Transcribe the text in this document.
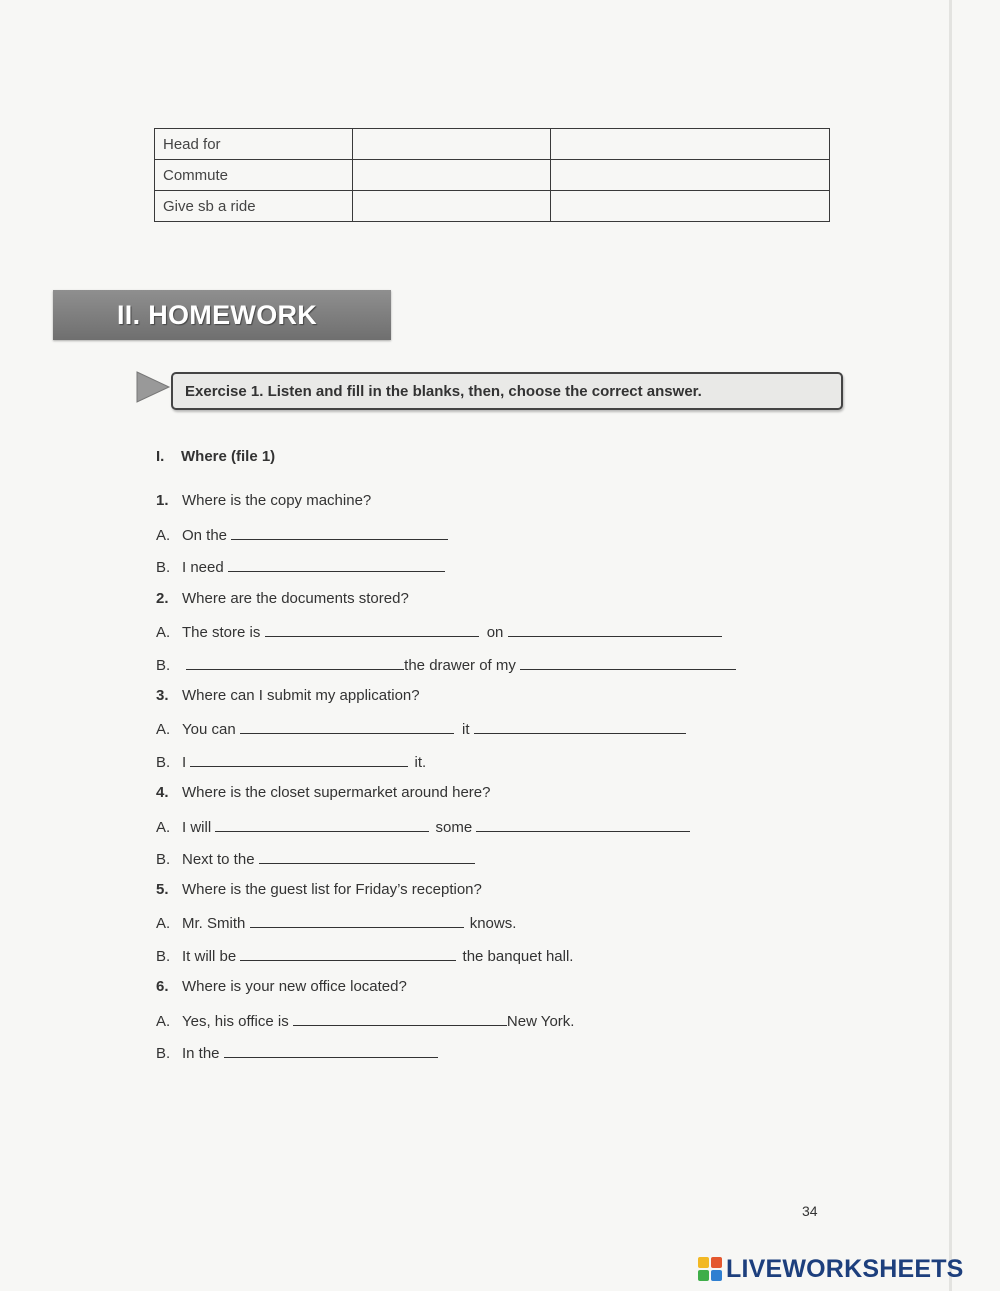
Head for		
Commute		
Give sb a ride		
II. HOMEWORK
Exercise 1. Listen and fill in the blanks, then, choose the correct answer.
I. Where (file 1)
1. Where is the copy machine?
A. On the
B. I need
2. Where are the documents stored?
A. The store is	on
B.	the drawer of my
3. Where can I submit my application?
A. You can	it
B. I	it.
4. Where is the closet supermarket around here?
A. I will	some
B. Next to the
5. Where is the guest list for Friday’s reception?
A. Mr. Smith	knows.
B. It will be	the banquet hall.
6. Where is your new office located?
A. Yes, his office is	New York.
B. In the
34
LIVEWORKSHEETS
